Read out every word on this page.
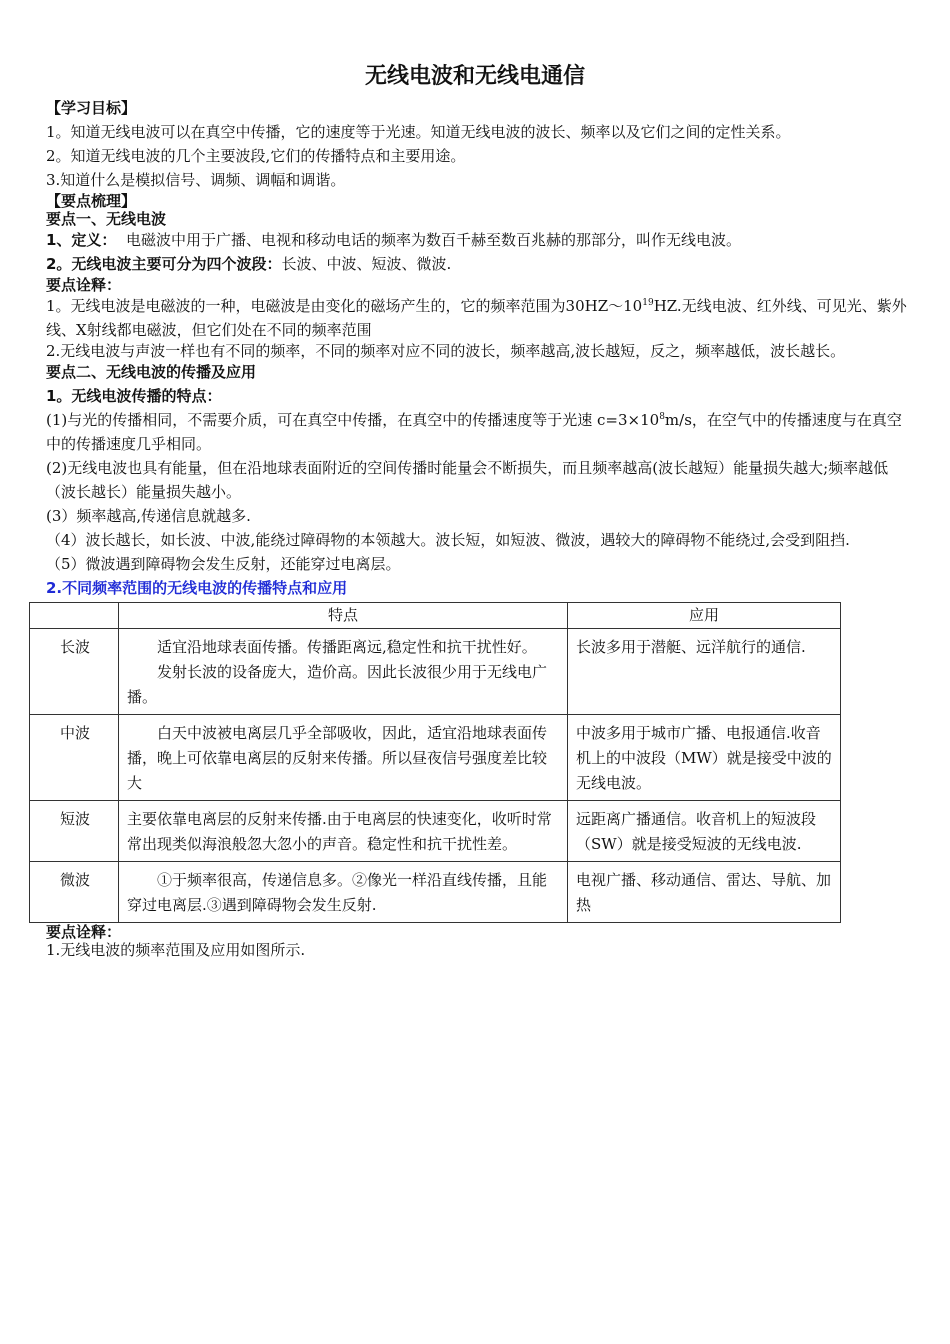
无线电波和无线电通信

【学习目标】

1。知道无线电波可以在真空中传播，它的速度等于光速。知道无线电波的波长、频率以及它们之间的定性关系。

2。知道无线电波的几个主要波段,它们的传播特点和主要用途。

3.知道什么是模拟信号、调频、调幅和调谐。

【要点梳理】

要点一、无线电波

1、定义： 电磁波中用于广播、电视和移动电话的频率为数百千赫至数百兆赫的那部分，叫作无线电波。

2。无线电波主要可分为四个波段：长波、中波、短波、微波.

要点诠释：

1。无线电波是电磁波的一种，电磁波是由变化的磁场产生的，它的频率范围为$30HZ\sim 10^{19}HZ$.无线电波、红外线、可见光、紫外线、X射线都电磁波，但它们处在不同的频率范围

2.无线电波与声波一样也有不同的频率，不同的频率对应不同的波长，频率越高,波长越短，反之，频率越低，波长越长。

要点二、无线电波的传播及应用

1。无线电波传播的特点：

(1)与光的传播相同，不需要介质，可在真空中传播，在真空中的传播速度等于光速 $c=3\times 10^8m/s$，在空气中的传播速度与在真空中的传播速度几乎相同。

(2)无线电波也具有能量，但在沿地球表面附近的空间传播时能量会不断损失，而且频率越高(波长越短）能量损失越大;频率越低（波长越长）能量损失越小。

(3）频率越高,传递信息就越多.

（4）波长越长，如长波、中波,能绕过障碍物的本领越大。波长短，如短波、微波，遇较大的障碍物不能绕过,会受到阻挡.

（5）微波遇到障碍物会发生反射，还能穿过电离层。

2.不同频率范围的无线电波的传播特点和应用

	特点	应用
长波	适宜沿地球表面传播。传播距离远,稳定性和抗干扰性好。

发射长波的设备庞大，造价高。因此长波很少用于无线电广播。	长波多用于潜艇、远洋航行的通信.
中波	白天中波被电离层几乎全部吸收，因此，适宜沿地球表面传播，晚上可依靠电离层的反射来传播。所以昼夜信号强度差比较大	中波多用于城市广播、电报通信.收音机上的中波段（MW）就是接受中波的无线电波。
短波	主要依靠电离层的反射来传播.由于电离层的快速变化，收听时常常出现类似海浪般忽大忽小的声音。稳定性和抗干扰性差。	远距离广播通信。收音机上的短波段（SW）就是接受短波的无线电波.
微波	①于频率很高，传递信息多。②像光一样沿直线传播，且能穿过电离层.③遇到障碍物会发生反射.	电视广播、移动通信、雷达、导航、加热

要点诠释：

1.无线电波的频率范围及应用如图所示.
